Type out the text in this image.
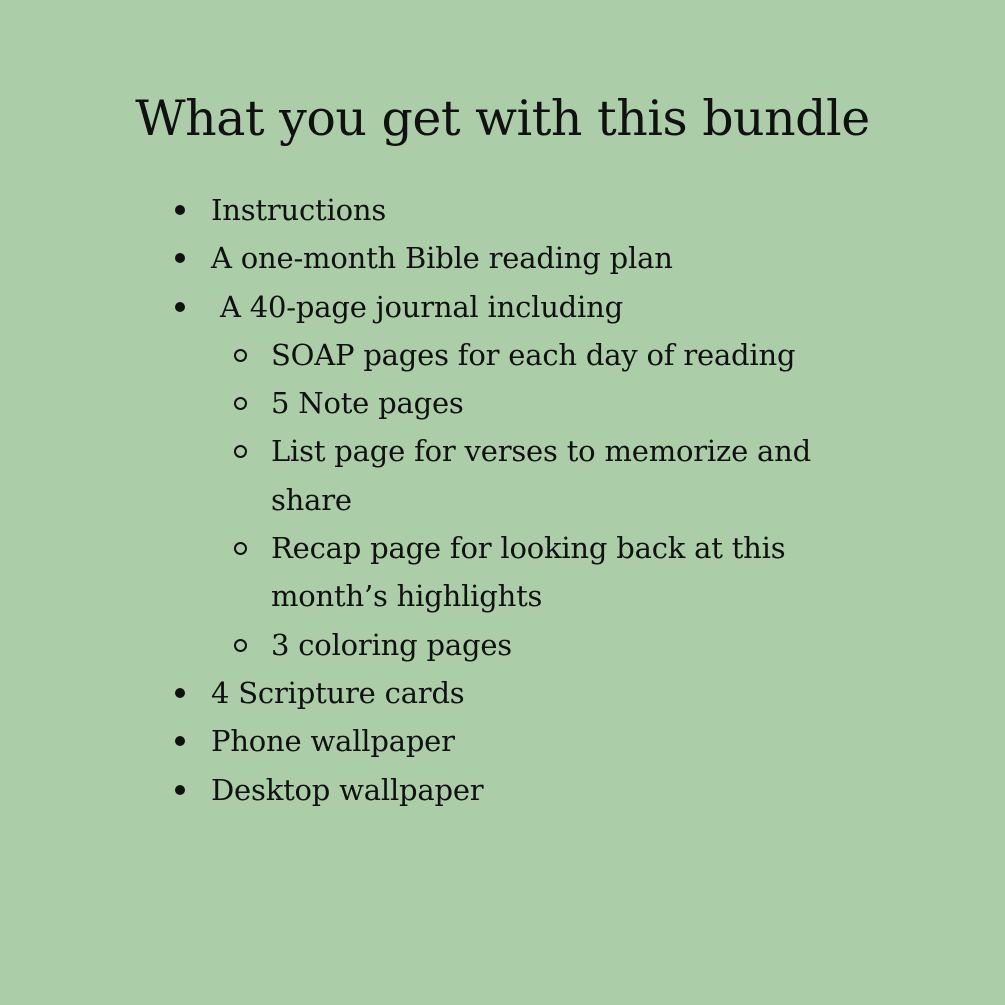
What you get with this bundle
Instructions
A one-month Bible reading plan
A 40-page journal including
SOAP pages for each day of reading
5 Note pages
List page for verses to memorize and share
Recap page for looking back at this month’s highlights
3 coloring pages
4 Scripture cards
Phone wallpaper
Desktop wallpaper
